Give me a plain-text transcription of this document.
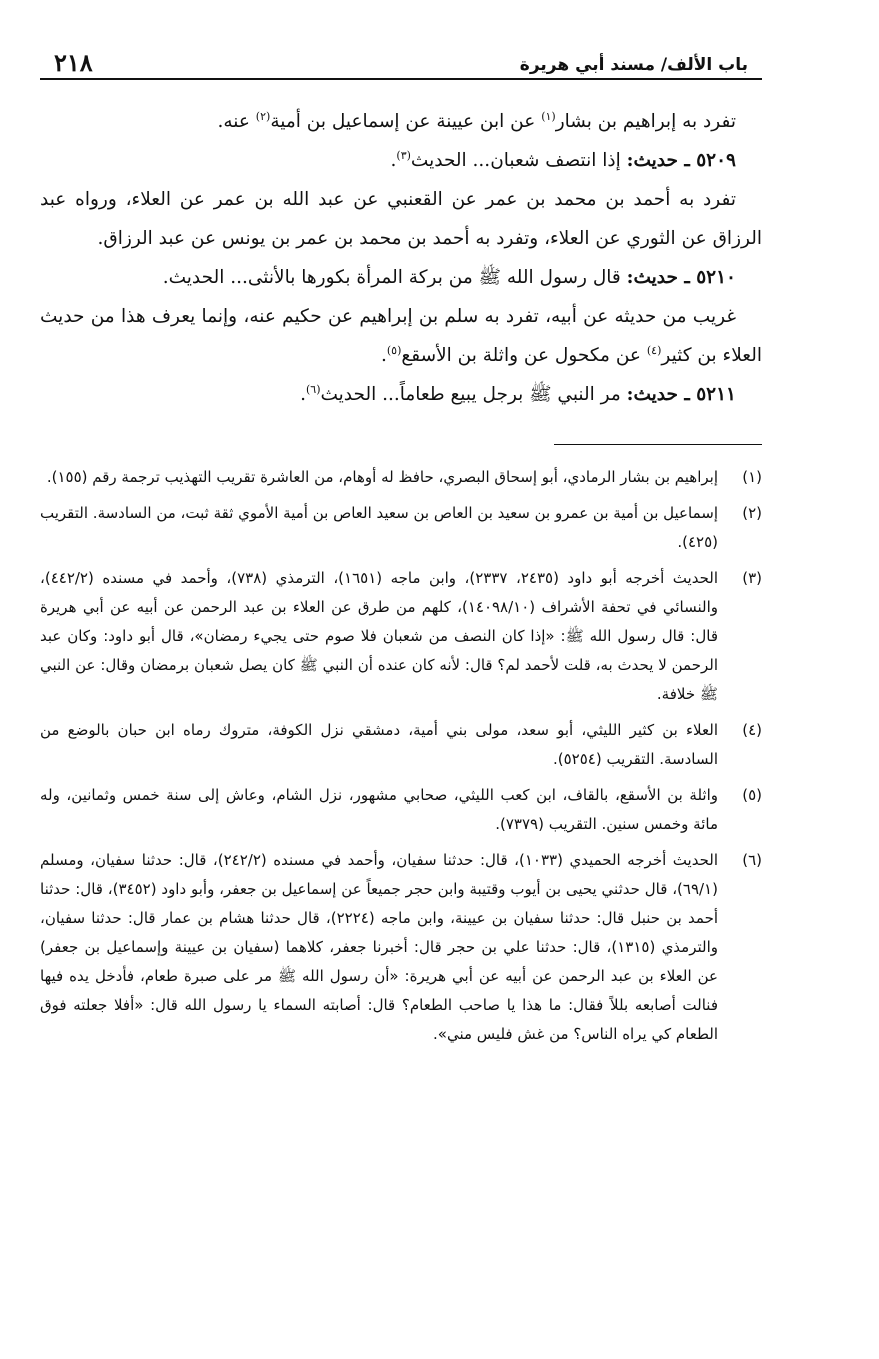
باب الألف/ مسند أبي هريرة
٢١٨

تفرد به إبراهيم بن بشار$^{(١)}$ عن ابن عيينة عن إسماعيل بن أمية$^{(٢)}$ عنه.

٥٢٠٩ ـ حديث: إذا انتصف شعبان... الحديث$^{(٣)}$.

تفرد به أحمد بن محمد بن عمر عن القعنبي عن عبد الله بن عمر عن العلاء، ورواه عبد الرزاق عن الثوري عن العلاء، وتفرد به أحمد بن محمد بن عمر بن يونس عن عبد الرزاق.

٥٢١٠ ـ حديث: قال رسول الله ﷺ من بركة المرأة بكورها بالأنثى... الحديث.

غريب من حديثه عن أبيه، تفرد به سلم بن إبراهيم عن حكيم عنه، وإنما يعرف هذا من حديث العلاء بن كثير$^{(٤)}$ عن مكحول عن واثلة بن الأسقع$^{(٥)}$.

٥٢١١ ـ حديث: مر النبي ﷺ برجل يبيع طعاماً... الحديث$^{(٦)}$.

(١)
إبراهيم بن بشار الرمادي، أبو إسحاق البصري، حافظ له أوهام، من العاشرة تقريب التهذيب ترجمة رقم (١٥٥).
(٢)
إسماعيل بن أمية بن عمرو بن سعيد بن العاص بن سعيد العاص بن أمية الأموي ثقة ثبت، من السادسة. التقريب (٤٢٥).
(٣)
الحديث أخرجه أبو داود (٢٤٣٥، ٢٣٣٧)، وابن ماجه (١٦٥١)، الترمذي (٧٣٨)، وأحمد في مسنده (٤٤٢/٢)، والنسائي في تحفة الأشراف (١٤٠٩٨/١٠)، كلهم من طرق عن العلاء بن عبد الرحمن عن أبيه عن أبي هريرة قال: قال رسول الله ﷺ: «إذا كان النصف من شعبان فلا صوم حتى يجيء رمضان»، قال أبو داود: وكان عبد الرحمن لا يحدث به، قلت لأحمد لم؟ قال: لأنه كان عنده أن النبي ﷺ كان يصل شعبان برمضان وقال: عن النبي ﷺ خلافة.
(٤)
العلاء بن كثير الليثي، أبو سعد، مولى بني أمية، دمشقي نزل الكوفة، متروك رماه ابن حبان بالوضع من السادسة. التقريب (٥٢٥٤).
(٥)
واثلة بن الأسقع، بالقاف، ابن كعب الليثي، صحابي مشهور، نزل الشام، وعاش إلى سنة خمس وثمانين، وله مائة وخمس سنين. التقريب (٧٣٧٩).
(٦)
الحديث أخرجه الحميدي (١٠٣٣)، قال: حدثنا سفيان، وأحمد في مسنده (٢٤٢/٢)، قال: حدثنا سفيان، ومسلم (٦٩/١)، قال حدثني يحيى بن أيوب وقتيبة وابن حجر جميعاً عن إسماعيل بن جعفر، وأبو داود (٣٤٥٢)، قال: حدثنا أحمد بن حنبل قال: حدثنا سفيان بن عيينة، وابن ماجه (٢٢٢٤)، قال حدثنا هشام بن عمار قال: حدثنا سفيان، والترمذي (١٣١٥)، قال: حدثنا علي بن حجر قال: أخبرنا جعفر، كلاهما (سفيان بن عيينة وإسماعيل بن جعفر) عن العلاء بن عبد الرحمن عن أبيه عن أبي هريرة: «أن رسول الله ﷺ مر على صبرة طعام، فأدخل يده فيها فنالت أصابعه بللاً فقال: ما هذا يا صاحب الطعام؟ قال: أصابته السماء يا رسول الله قال: «أفلا جعلته فوق الطعام كي يراه الناس؟ من غش فليس مني».
